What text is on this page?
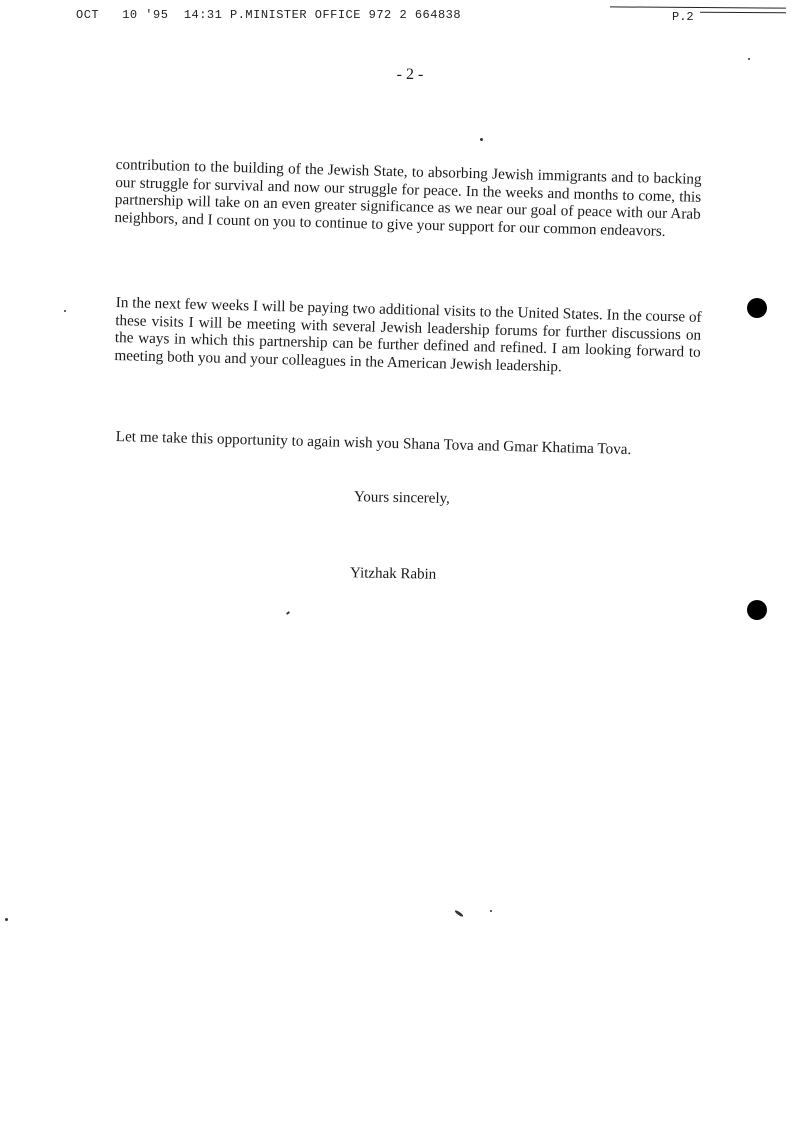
OCT   10 '95  14:31 P.MINISTER OFFICE 972 2 664838	P.2
- 2 -
contribution to the building of the Jewish State, to absorbing Jewish immigrants and to backing our struggle for survival and now our struggle for peace. In the weeks and months to come, this partnership will take on an even greater significance as we near our goal of peace with our Arab neighbors, and I count on you to continue to give your support for our common endeavors.
In the next few weeks I will be paying two additional visits to the United States. In the course of these visits I will be meeting with several Jewish leadership forums for further discussions on the ways in which this partnership can be further defined and refined. I am looking forward to meeting both you and your colleagues in the American Jewish leadership.
Let me take this opportunity to again wish you Shana Tova and Gmar Khatima Tova.
Yours sincerely,
Yitzhak Rabin
